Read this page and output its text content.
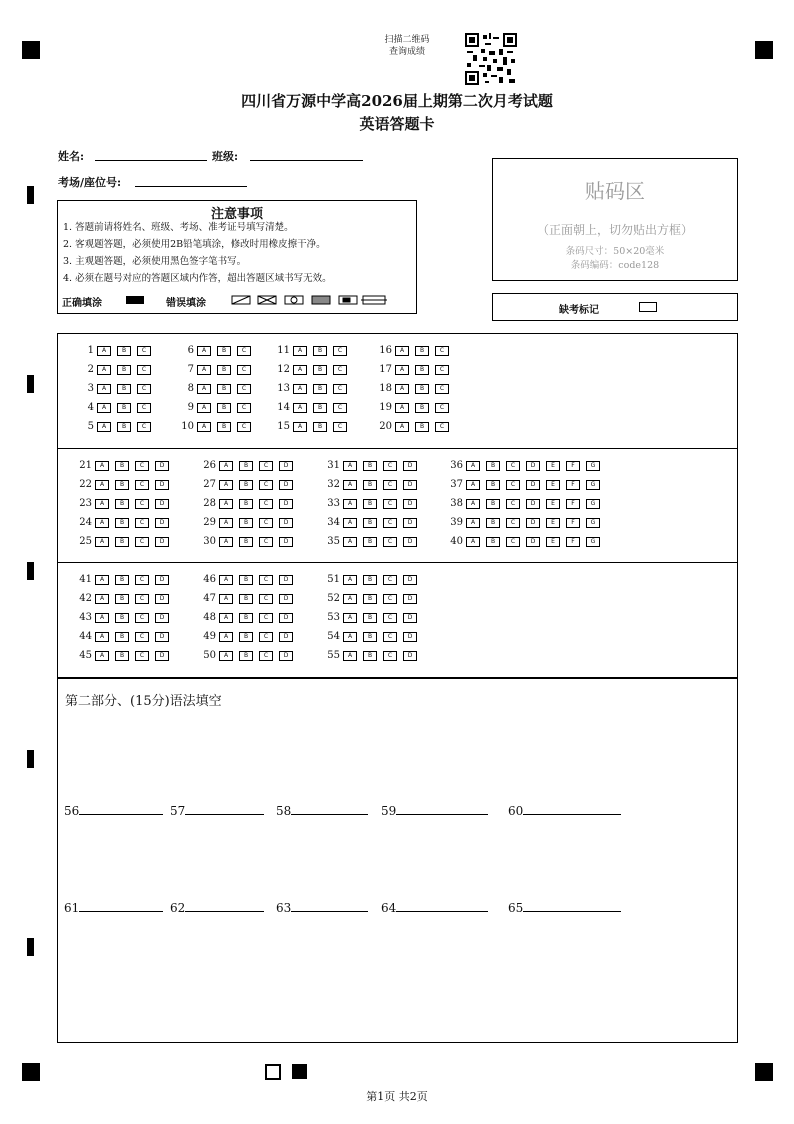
扫描二维码
查询成绩
四川省万源中学高2026届上期第二次月考试题
英语答题卡
姓名:	班级:
考场/座位号:
注意事项
1. 答题前请将姓名、班级、考场、准考证号填写清楚。
2. 客观题答题，必须使用2B铅笔填涂，修改时用橡皮擦干净。
3. 主观题答题，必须使用黑色签字笔书写。
4. 必须在题号对应的答题区域内作答，超出答题区域书写无效。
正确填涂	错误填涂
贴码区
（正面朝上，切勿贴出方框）
条码尺寸：50×20毫米
条码编码：code128
缺考标记
1	A	B	C
2	A	B	C
3	A	B	C
4	A	B	C
5	A	B	C
6	A	B	C
7	A	B	C
8	A	B	C
9	A	B	C
10	A	B	C
11	A	B	C
12	A	B	C
13	A	B	C
14	A	B	C
15	A	B	C
16	A	B	C
17	A	B	C
18	A	B	C
19	A	B	C
20	A	B	C
21	A	B	C	D
22	A	B	C	D
23	A	B	C	D
24	A	B	C	D
25	A	B	C	D
26	A	B	C	D
27	A	B	C	D
28	A	B	C	D
29	A	B	C	D
30	A	B	C	D
31	A	B	C	D
32	A	B	C	D
33	A	B	C	D
34	A	B	C	D
35	A	B	C	D
36	A	B	C	D	E	F	G
37	A	B	C	D	E	F	G
38	A	B	C	D	E	F	G
39	A	B	C	D	E	F	G
40	A	B	C	D	E	F	G
41	A	B	C	D
42	A	B	C	D
43	A	B	C	D
44	A	B	C	D
45	A	B	C	D
46	A	B	C	D
47	A	B	C	D
48	A	B	C	D
49	A	B	C	D
50	A	B	C	D
51	A	B	C	D
52	A	B	C	D
53	A	B	C	D
54	A	B	C	D
55	A	B	C	D
第二部分、(15分)语法填空
56	57	58	59	60
61	62	63	64	65
第1页 共2页
